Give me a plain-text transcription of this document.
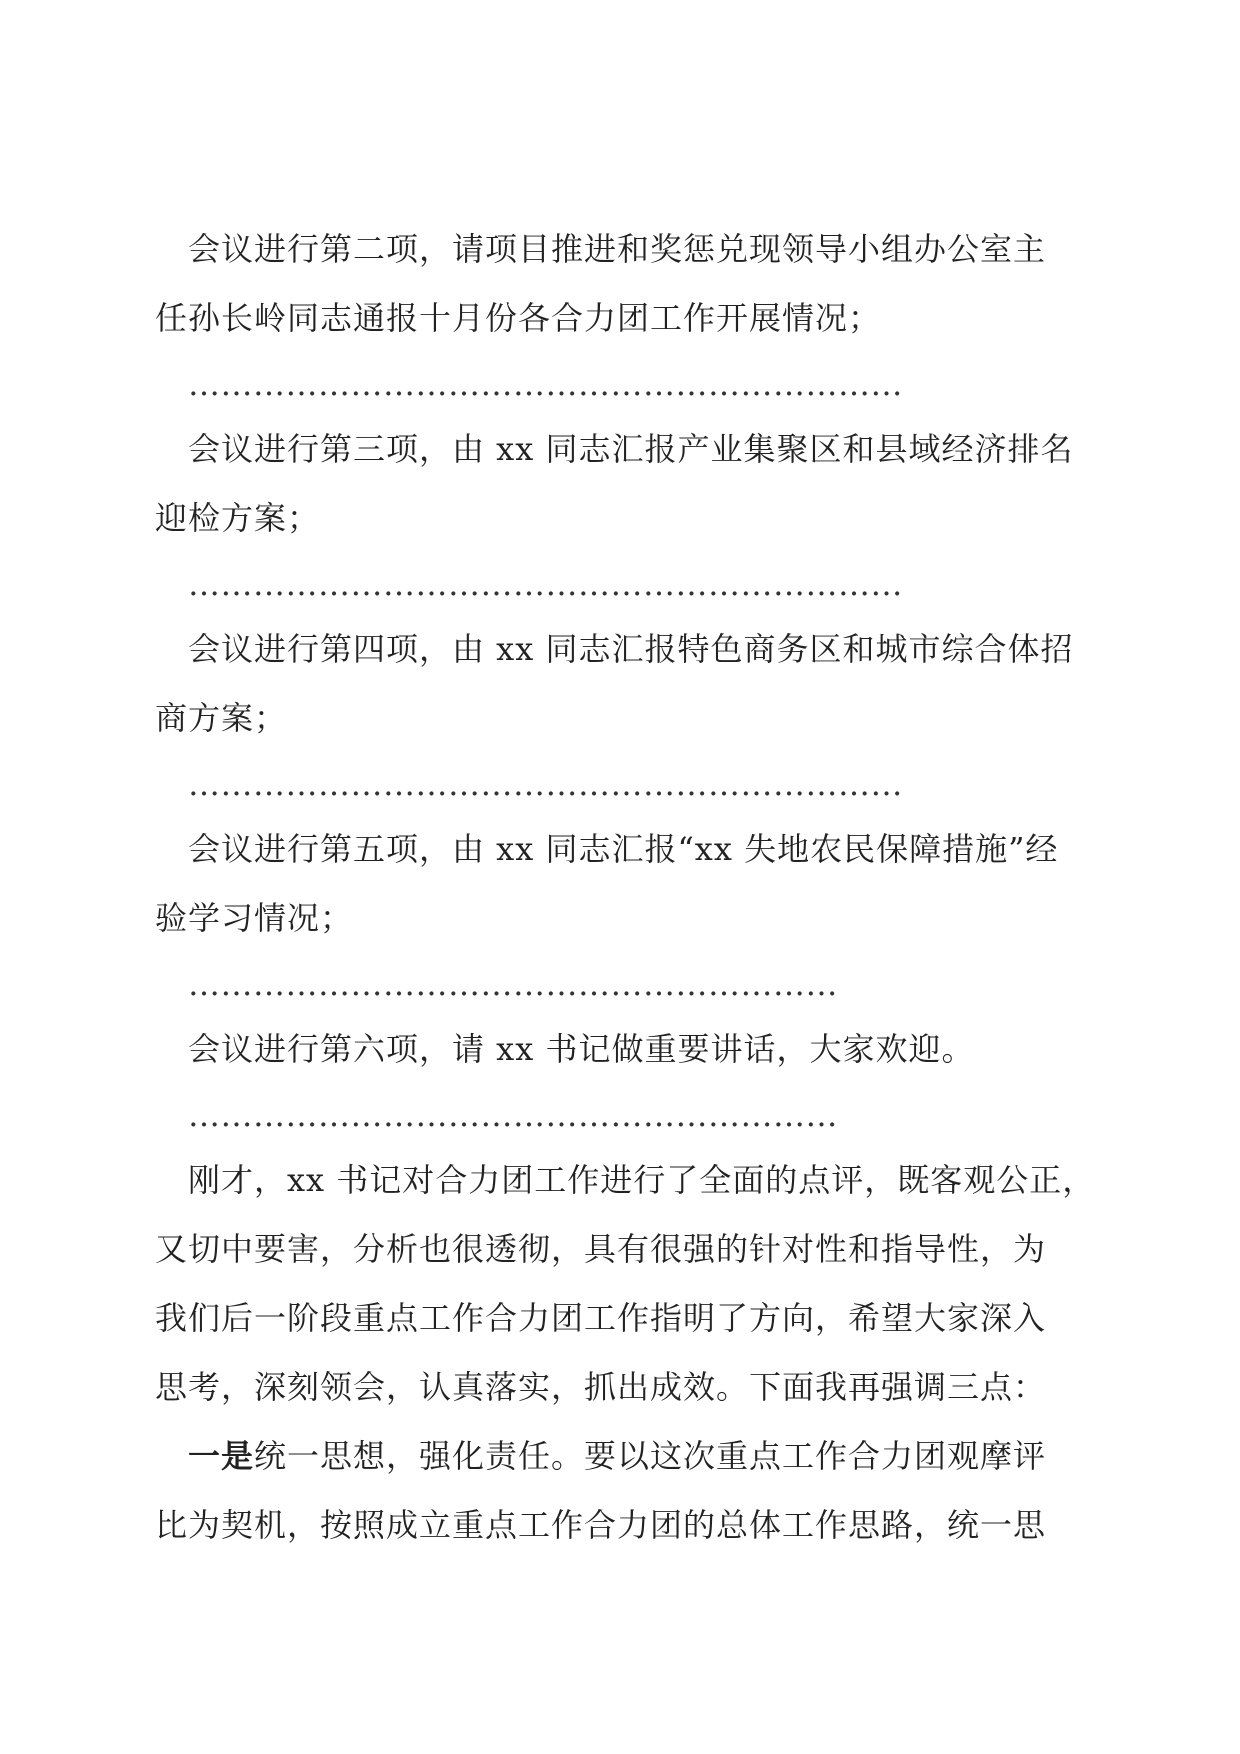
会议进行第二项，请项目推进和奖惩兑现领导小组办公室主
任孙长岭同志通报十月份各合力团工作开展情况；

…………………………………………………………

会议进行第三项，由 xx 同志汇报产业集聚区和县域经济排名
迎检方案；

…………………………………………………………

会议进行第四项，由 xx 同志汇报特色商务区和城市综合体招
商方案；

…………………………………………………………

会议进行第五项，由 xx 同志汇报“xx 失地农民保障措施”经
验学习情况；

……………………………………………………

会议进行第六项，请 xx 书记做重要讲话，大家欢迎。

……………………………………………………

刚才，xx 书记对合力团工作进行了全面的点评，既客观公正，
又切中要害，分析也很透彻，具有很强的针对性和指导性，为
我们后一阶段重点工作合力团工作指明了方向，希望大家深入
思考，深刻领会，认真落实，抓出成效。下面我再强调三点：

一是统一思想，强化责任。要以这次重点工作合力团观摩评
比为契机，按照成立重点工作合力团的总体工作思路，统一思
